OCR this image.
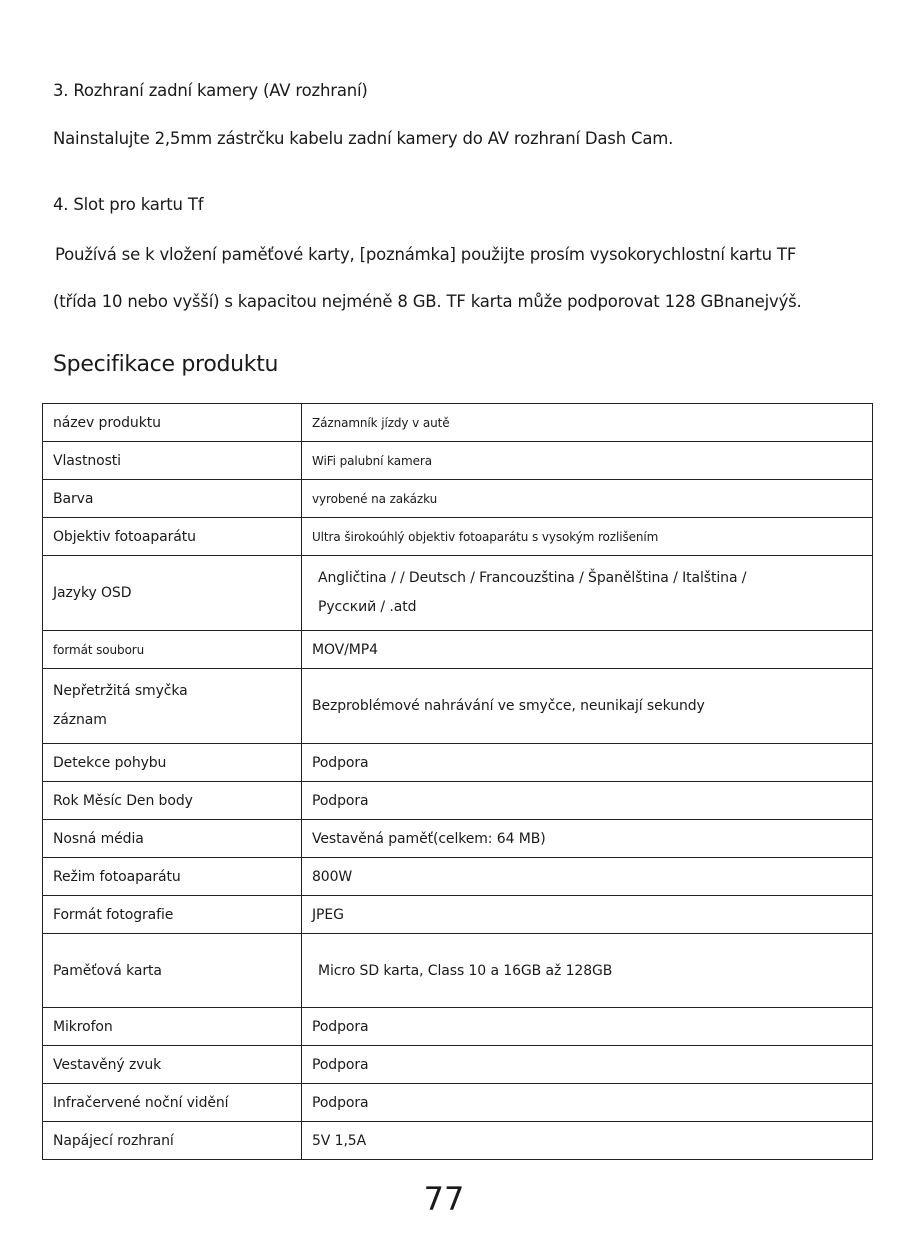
3. Rozhraní zadní kamery (AV rozhraní)
Nainstalujte 2,5mm zástrčku kabelu zadní kamery do AV rozhraní Dash Cam.
4. Slot pro kartu Tf
Používá se k vložení paměťové karty, [poznámka] použijte prosím vysokorychlostní kartu TF
(třída 10 nebo vyšší) s kapacitou nejméně 8 GB. TF karta může podporovat 128 GBnanejvýš.
Specifikace produktu
název produktu	Záznamník jízdy v autě
Vlastnosti	WiFi palubní kamera
Barva	vyrobené na zakázku
Objektiv fotoaparátu	Ultra širokoúhlý objektiv fotoaparátu s vysokým rozlišením
Jazyky OSD	Angličtina / / Deutsch / Francouzština / Španělština / Italština /
Русский / .atd

formát souboru	MOV/MP4

Nepřetržitá smyčka
záznam	Bezproblémové nahrávání ve smyčce, neunikají sekundy
Detekce pohybu	Podpora
Rok Měsíc Den body	Podpora
Nosná média	Vestavěná paměť(celkem: 64 MB)
Režim fotoaparátu	800W
Formát fotografie	JPEG
Paměťová karta	Micro SD karta, Class 10 a 16GB až 128GB
Mikrofon	Podpora
Vestavěný zvuk	Podpora
Infračervené noční vidění	Podpora
Napájecí rozhraní	5V 1,5A
77
